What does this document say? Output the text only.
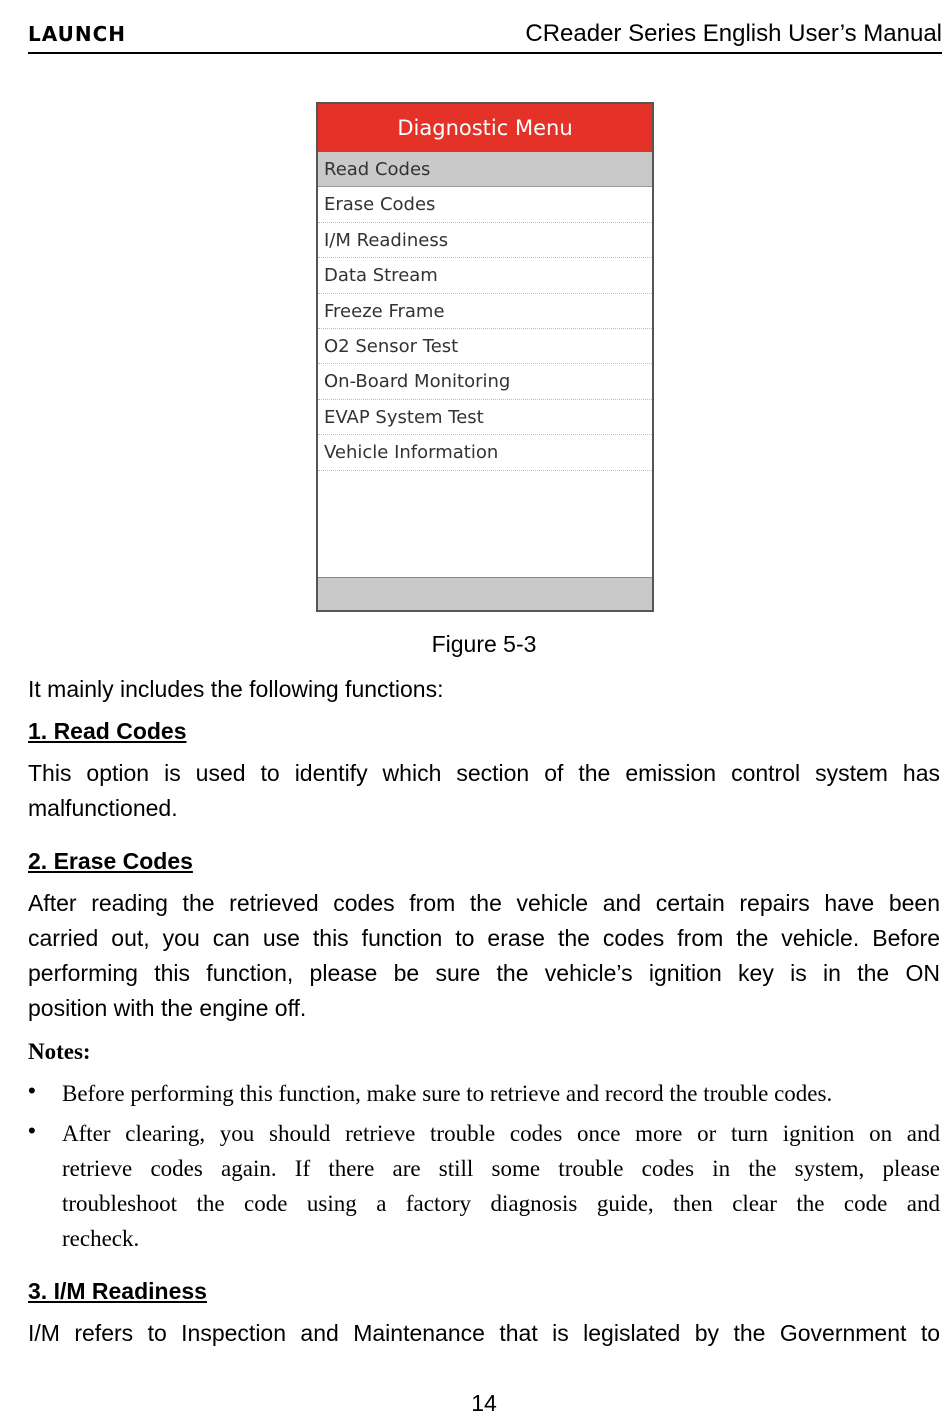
LAUNCH	CReader Series English User’s Manual
Diagnostic Menu
Read Codes
Erase Codes
I/M Readiness
Data Stream
Freeze Frame
O2 Sensor Test
On-Board Monitoring
EVAP System Test
Vehicle Information
Figure 5-3
It mainly includes the following functions:
1. Read Codes
This option is used to identify which section of the emission control system has
malfunctioned.
2. Erase Codes
After reading the retrieved codes from the vehicle and certain repairs have been
carried out, you can use this function to erase the codes from the vehicle. Before
performing this function, please be sure the vehicle’s ignition key is in the ON
position with the engine off.
Notes:
• Before performing this function, make sure to retrieve and record the trouble codes.
• After clearing, you should retrieve trouble codes once more or turn ignition on and
retrieve codes again. If there are still some trouble codes in the system, please
troubleshoot the code using a factory diagnosis guide, then clear the code and
recheck.
3. I/M Readiness
I/M refers to Inspection and Maintenance that is legislated by the Government to
14
